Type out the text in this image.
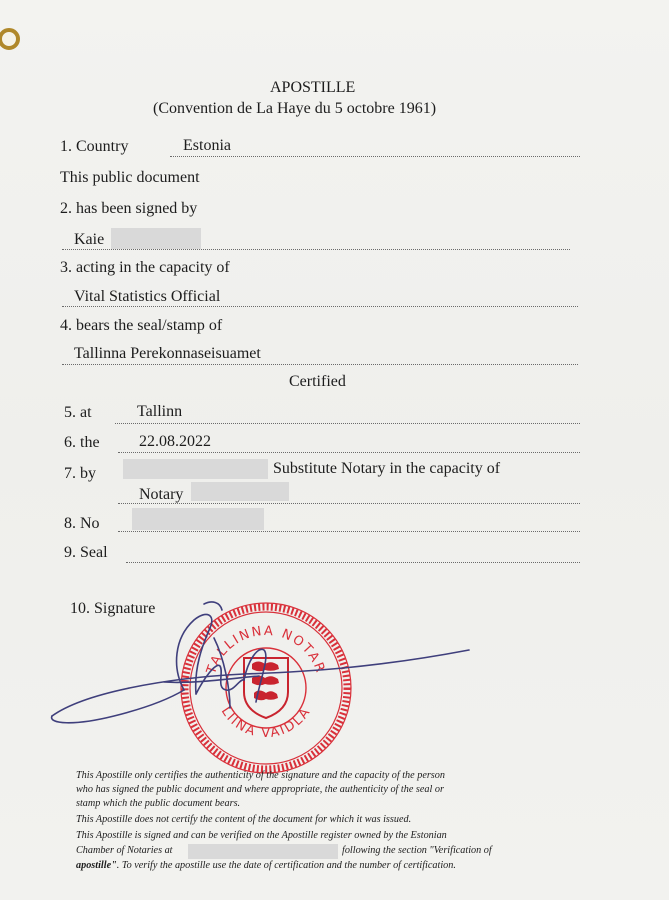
APOSTILLE
(Convention de La Haye du 5 octobre 1961)
1. Country	Estonia
This public document
2. has been signed by
Kaie
3. acting in the capacity of
Vital Statistics Official
4. bears the seal/stamp of
Tallinna Perekonnaseisuamet
Certified
5. at	Tallinn
6. the 22.08.2022
7. by	Substitute Notary in the capacity of
Notary
8. No
9. Seal
10. Signature
TALLINNA NOTAR
LIINA VAIDLA
This Apostille only certifies the authenticity of the signature and the capacity of the person
who has signed the public document and where appropriate, the authenticity of the seal or
stamp which the public document bears.
This Apostille does not certify the content of the document for which it was issued.
This Apostille is signed and can be verified on the Apostille register owned by the Estonian
Chamber of Notaries at	following the section "Verification of
apostille". To verify the apostille use the date of certification and the number of certification.
